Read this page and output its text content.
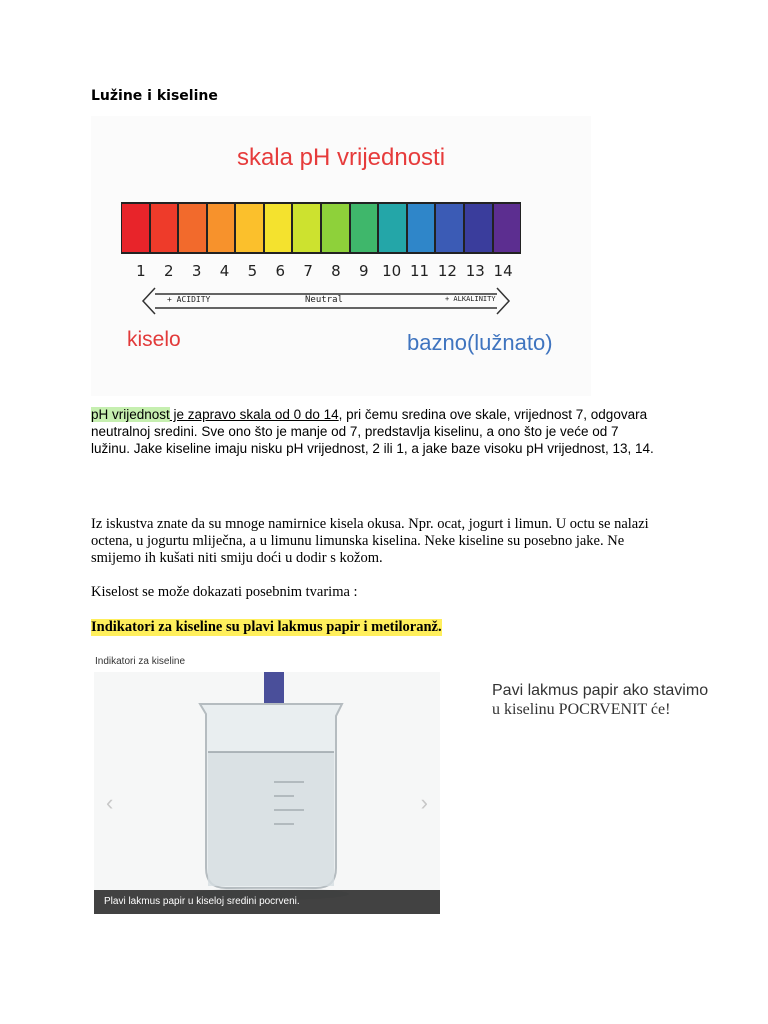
Lužine i kiseline
skala pH vrijednosti
1	2	3	4	5	6	7	8	9 10 11 12 13 14
+ ACIDITY	Neutral	+ ALKALINITY
kiselo	bazno(lužnato)
pH vrijednost je zapravo skala od 0 do 14, pri čemu sredina ove skale, vrijednost 7, odgovara neutralnoj sredini. Sve ono što je manje od 7, predstavlja kiselinu, a ono što je veće od 7 lužinu. Jake kiseline imaju nisku pH vrijednost, 2 ili 1, a jake baze visoku pH vrijednost, 13, 14.
Iz iskustva znate da su mnoge namirnice kisela okusa. Npr. ocat, jogurt i limun. U octu se nalazi octena, u jogurtu mliječna, a u limunu limunska kiselina. Neke kiseline su posebno jake. Ne smijemo ih kušati niti smiju doći u dodir s kožom.
Kiselost se može dokazati posebnim tvarima :
Indikatori za kiseline su plavi lakmus papir i metiloranž.
Indikatori za kiseline
‹	›
Plavi lakmus papir u kiseloj sredini pocrveni.
Pavi lakmus papir ako stavimo
u kiselinu POCRVENIT će!
